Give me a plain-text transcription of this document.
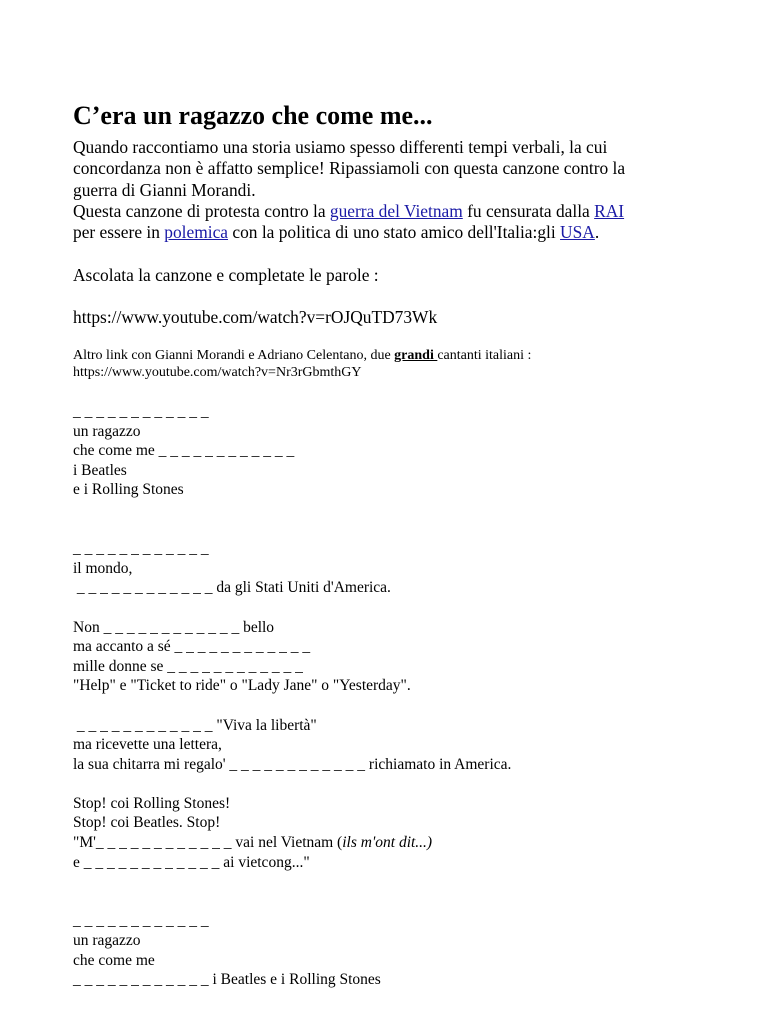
C’era un ragazzo che come me...

Quando raccontiamo una storia usiamo spesso differenti tempi verbali, la cui

concordanza non è affatto semplice! Ripassiamoli con questa canzone contro la

guerra di Gianni Morandi.

Questa canzone di protesta contro la guerra del Vietnam fu censurata dalla RAI

per essere in polemica con la politica di uno stato amico dell'Italia:gli USA.

Ascolata la canzone e completate le parole :

https://www.youtube.com/watch?v=rOJQuTD73Wk

Altro link con Gianni Morandi e Adriano Celentano, due grandi cantanti italiani :

https://www.youtube.com/watch?v=Nr3rGbmthGY

_ _ _ _ _ _ _ _ _ _ _ _

un ragazzo

che come me _ _ _ _ _ _ _ _ _ _ _ _

i Beatles

e i Rolling Stones

_ _ _ _ _ _ _ _ _ _ _ _

il mondo,

_ _ _ _ _ _ _ _ _ _ _ _ da gli Stati Uniti d'America.

Non _ _ _ _ _ _ _ _ _ _ _ _ bello

ma accanto a sé _ _ _ _ _ _ _ _ _ _ _ _

mille donne se _ _ _ _ _ _ _ _ _ _ _ _

"Help" e "Ticket to ride" o "Lady Jane" o "Yesterday".

_ _ _ _ _ _ _ _ _ _ _ _ "Viva la libertà"

ma ricevette una lettera,

la sua chitarra mi regalo' _ _ _ _ _ _ _ _ _ _ _ _ richiamato in America.

Stop! coi Rolling Stones!

Stop! coi Beatles. Stop!

"M'_ _ _ _ _ _ _ _ _ _ _ _ vai nel Vietnam (ils m'ont dit...)

e _ _ _ _ _ _ _ _ _ _ _ _ ai vietcong..."

_ _ _ _ _ _ _ _ _ _ _ _

un ragazzo

che come me

_ _ _ _ _ _ _ _ _ _ _ _ i Beatles e i Rolling Stones
